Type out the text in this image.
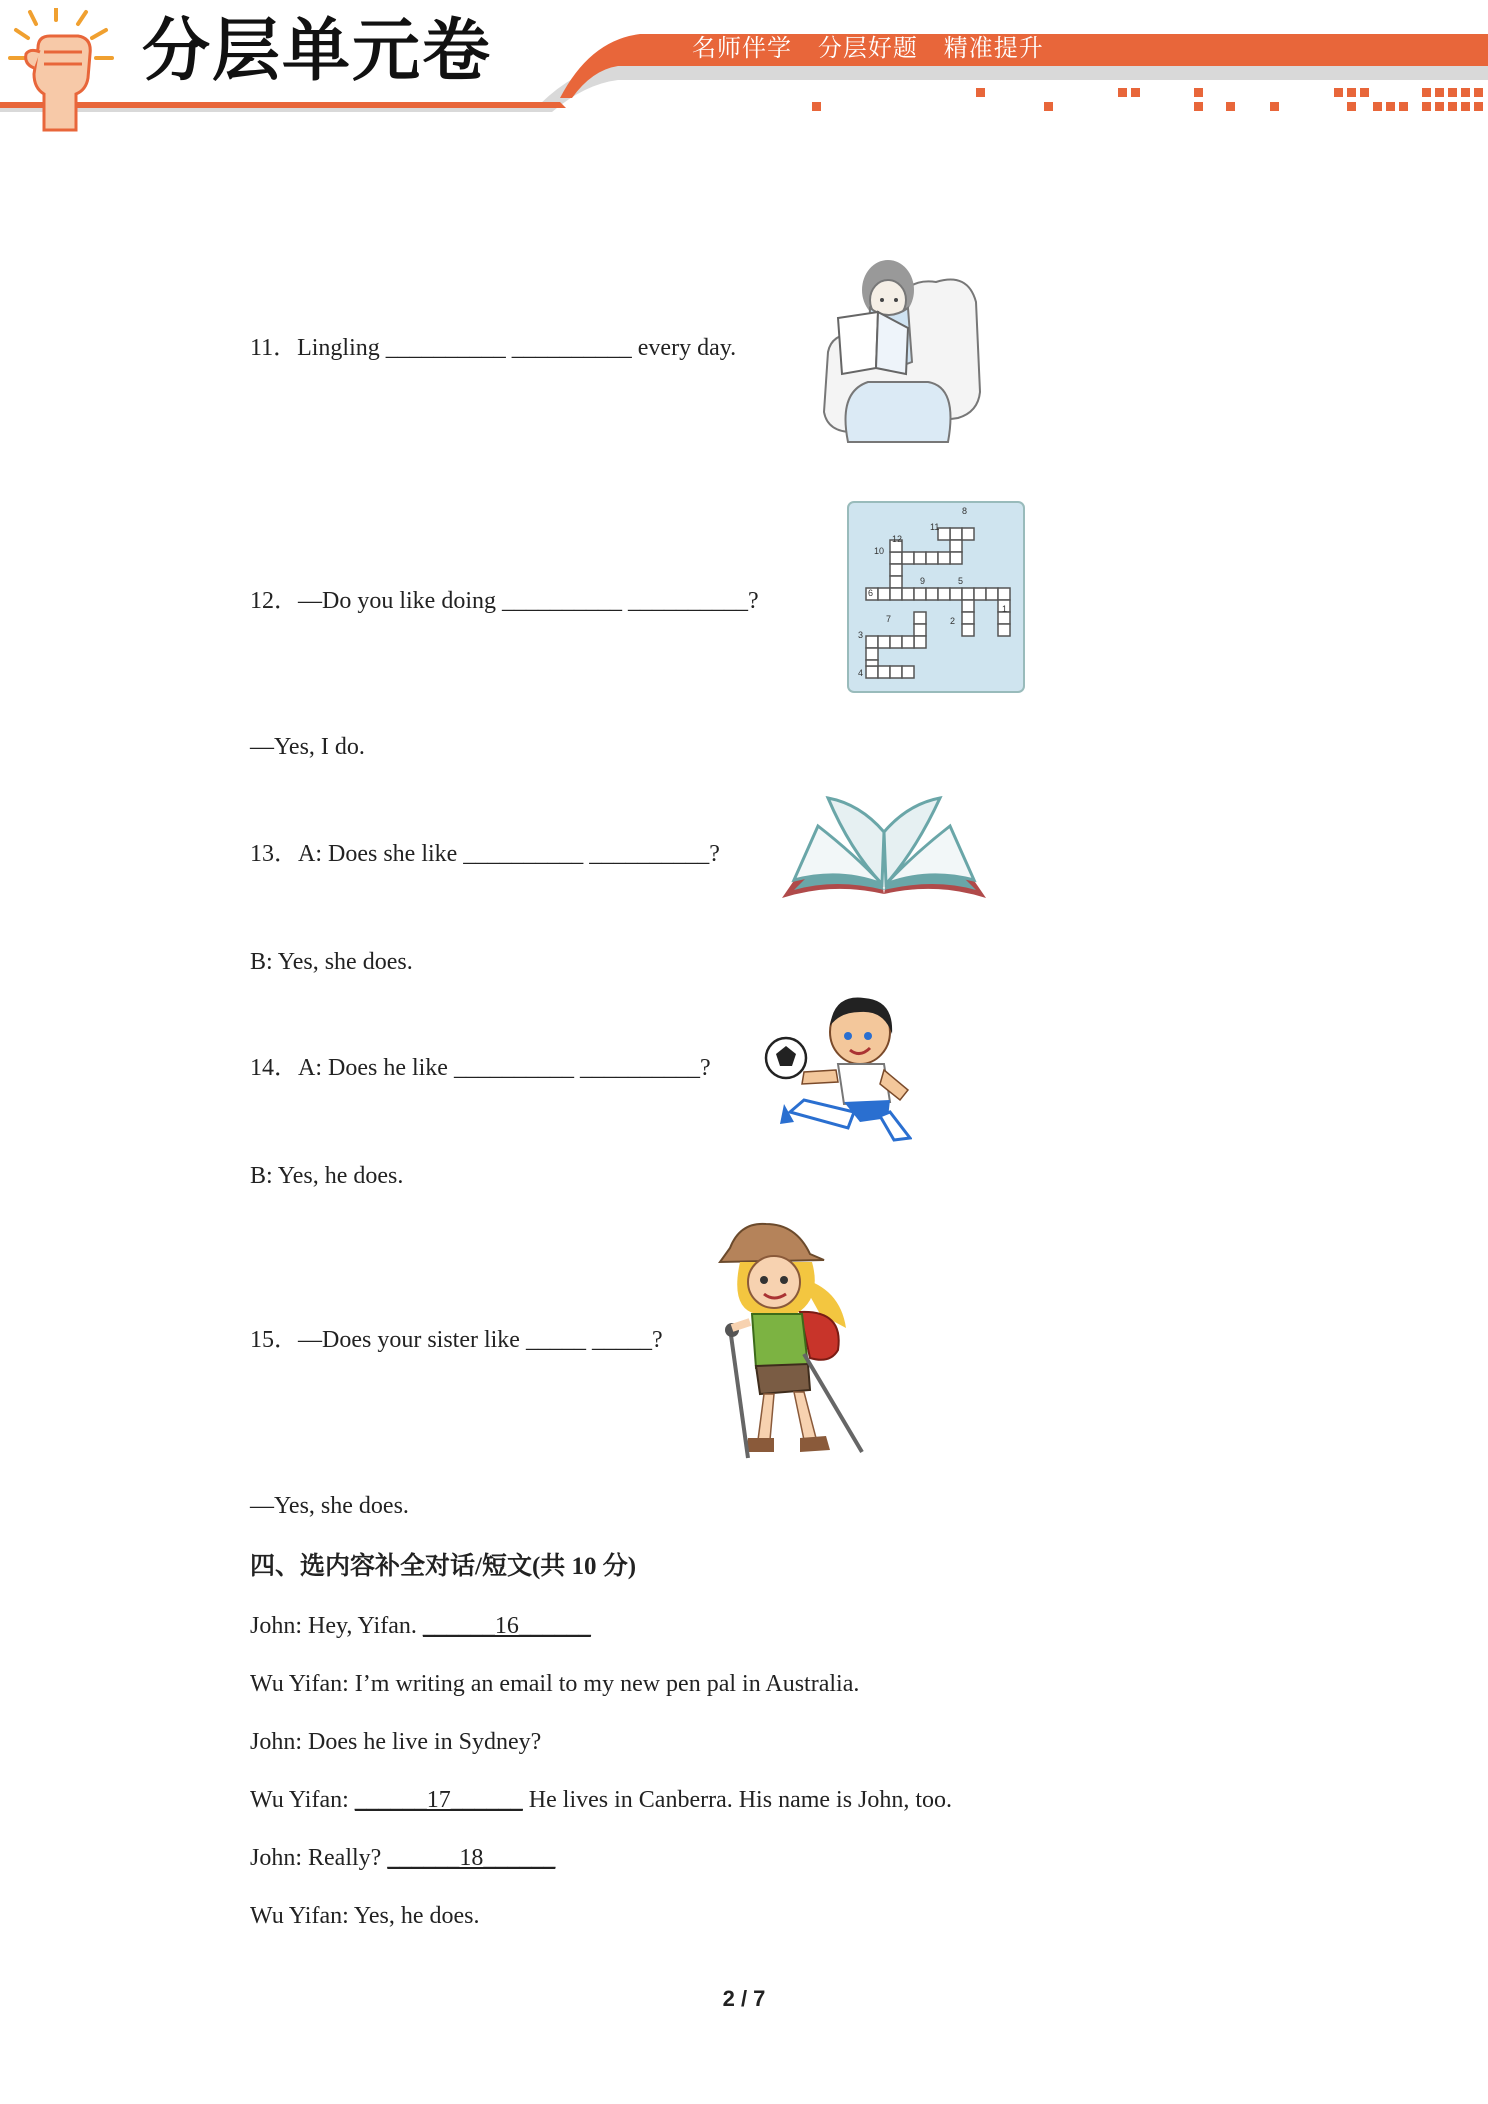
分层单元卷	名师伴学   分层好题   精准提升
11．Lingling __________ __________ every day.
12．—Do you like doing __________ __________?
—Yes, I do.
13．A: Does she like __________ __________?
B: Yes, she does.
14．A: Does he like __________ __________?
B: Yes, he does.
15．—Does your sister like _____ _____?
—Yes, she does.
8
11
12
10
9	5
6
7	2
1
3
4
四、选内容补全对话/短文(共 10 分)
John: Hey, Yifan. ______16______
Wu Yifan: I’m writing an email to my new pen pal in Australia.
John: Does he live in Sydney?
Wu Yifan: ______17______ He lives in Canberra. His name is John, too.
John: Really? ______18______
Wu Yifan: Yes, he does.
2 / 7
